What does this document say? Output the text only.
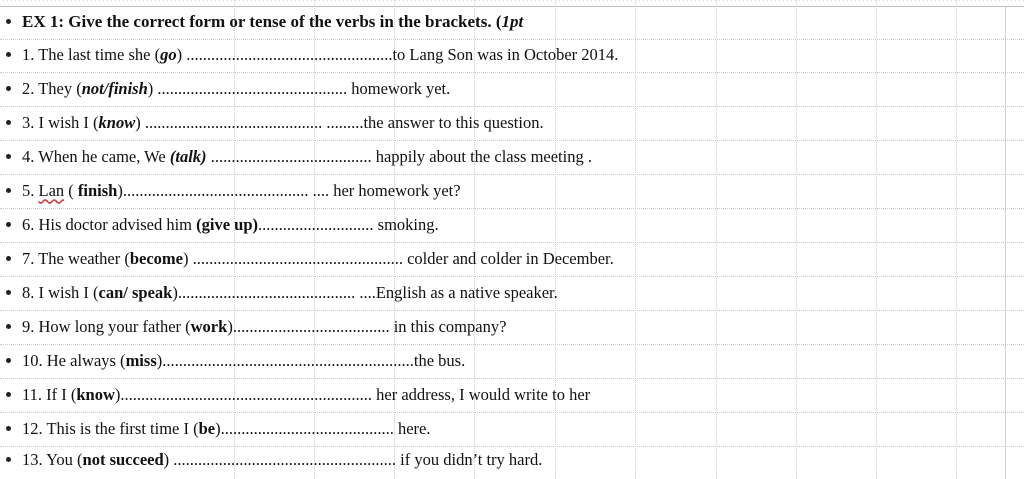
EX 1: Give the correct form or tense of the verbs in the brackets. (1pt
1. The last time she (go) ..................................................to Lang Son was in October 2014.
2. They (not/finish) .............................................. homework yet.
3. I wish I (know) ........................................... .........the answer to this question.
4. When he came, We (talk) ....................................... happily about the class meeting .
5. Lan ( finish)............................................. .... her homework yet?
6. His doctor advised him (give up)............................ smoking.
7. The weather (become) ................................................... colder and colder in December.
8. I wish I (can/ speak)........................................... ....English as a native speaker.
9. How long your father (work)...................................... in this company?
10. He always (miss).............................................................the bus.
11. If I (know)............................................................. her address, I would write to her
12. This is the first time I (be).......................................... here.
13. You (not succeed) ...................................................... if you didn’t try hard.
